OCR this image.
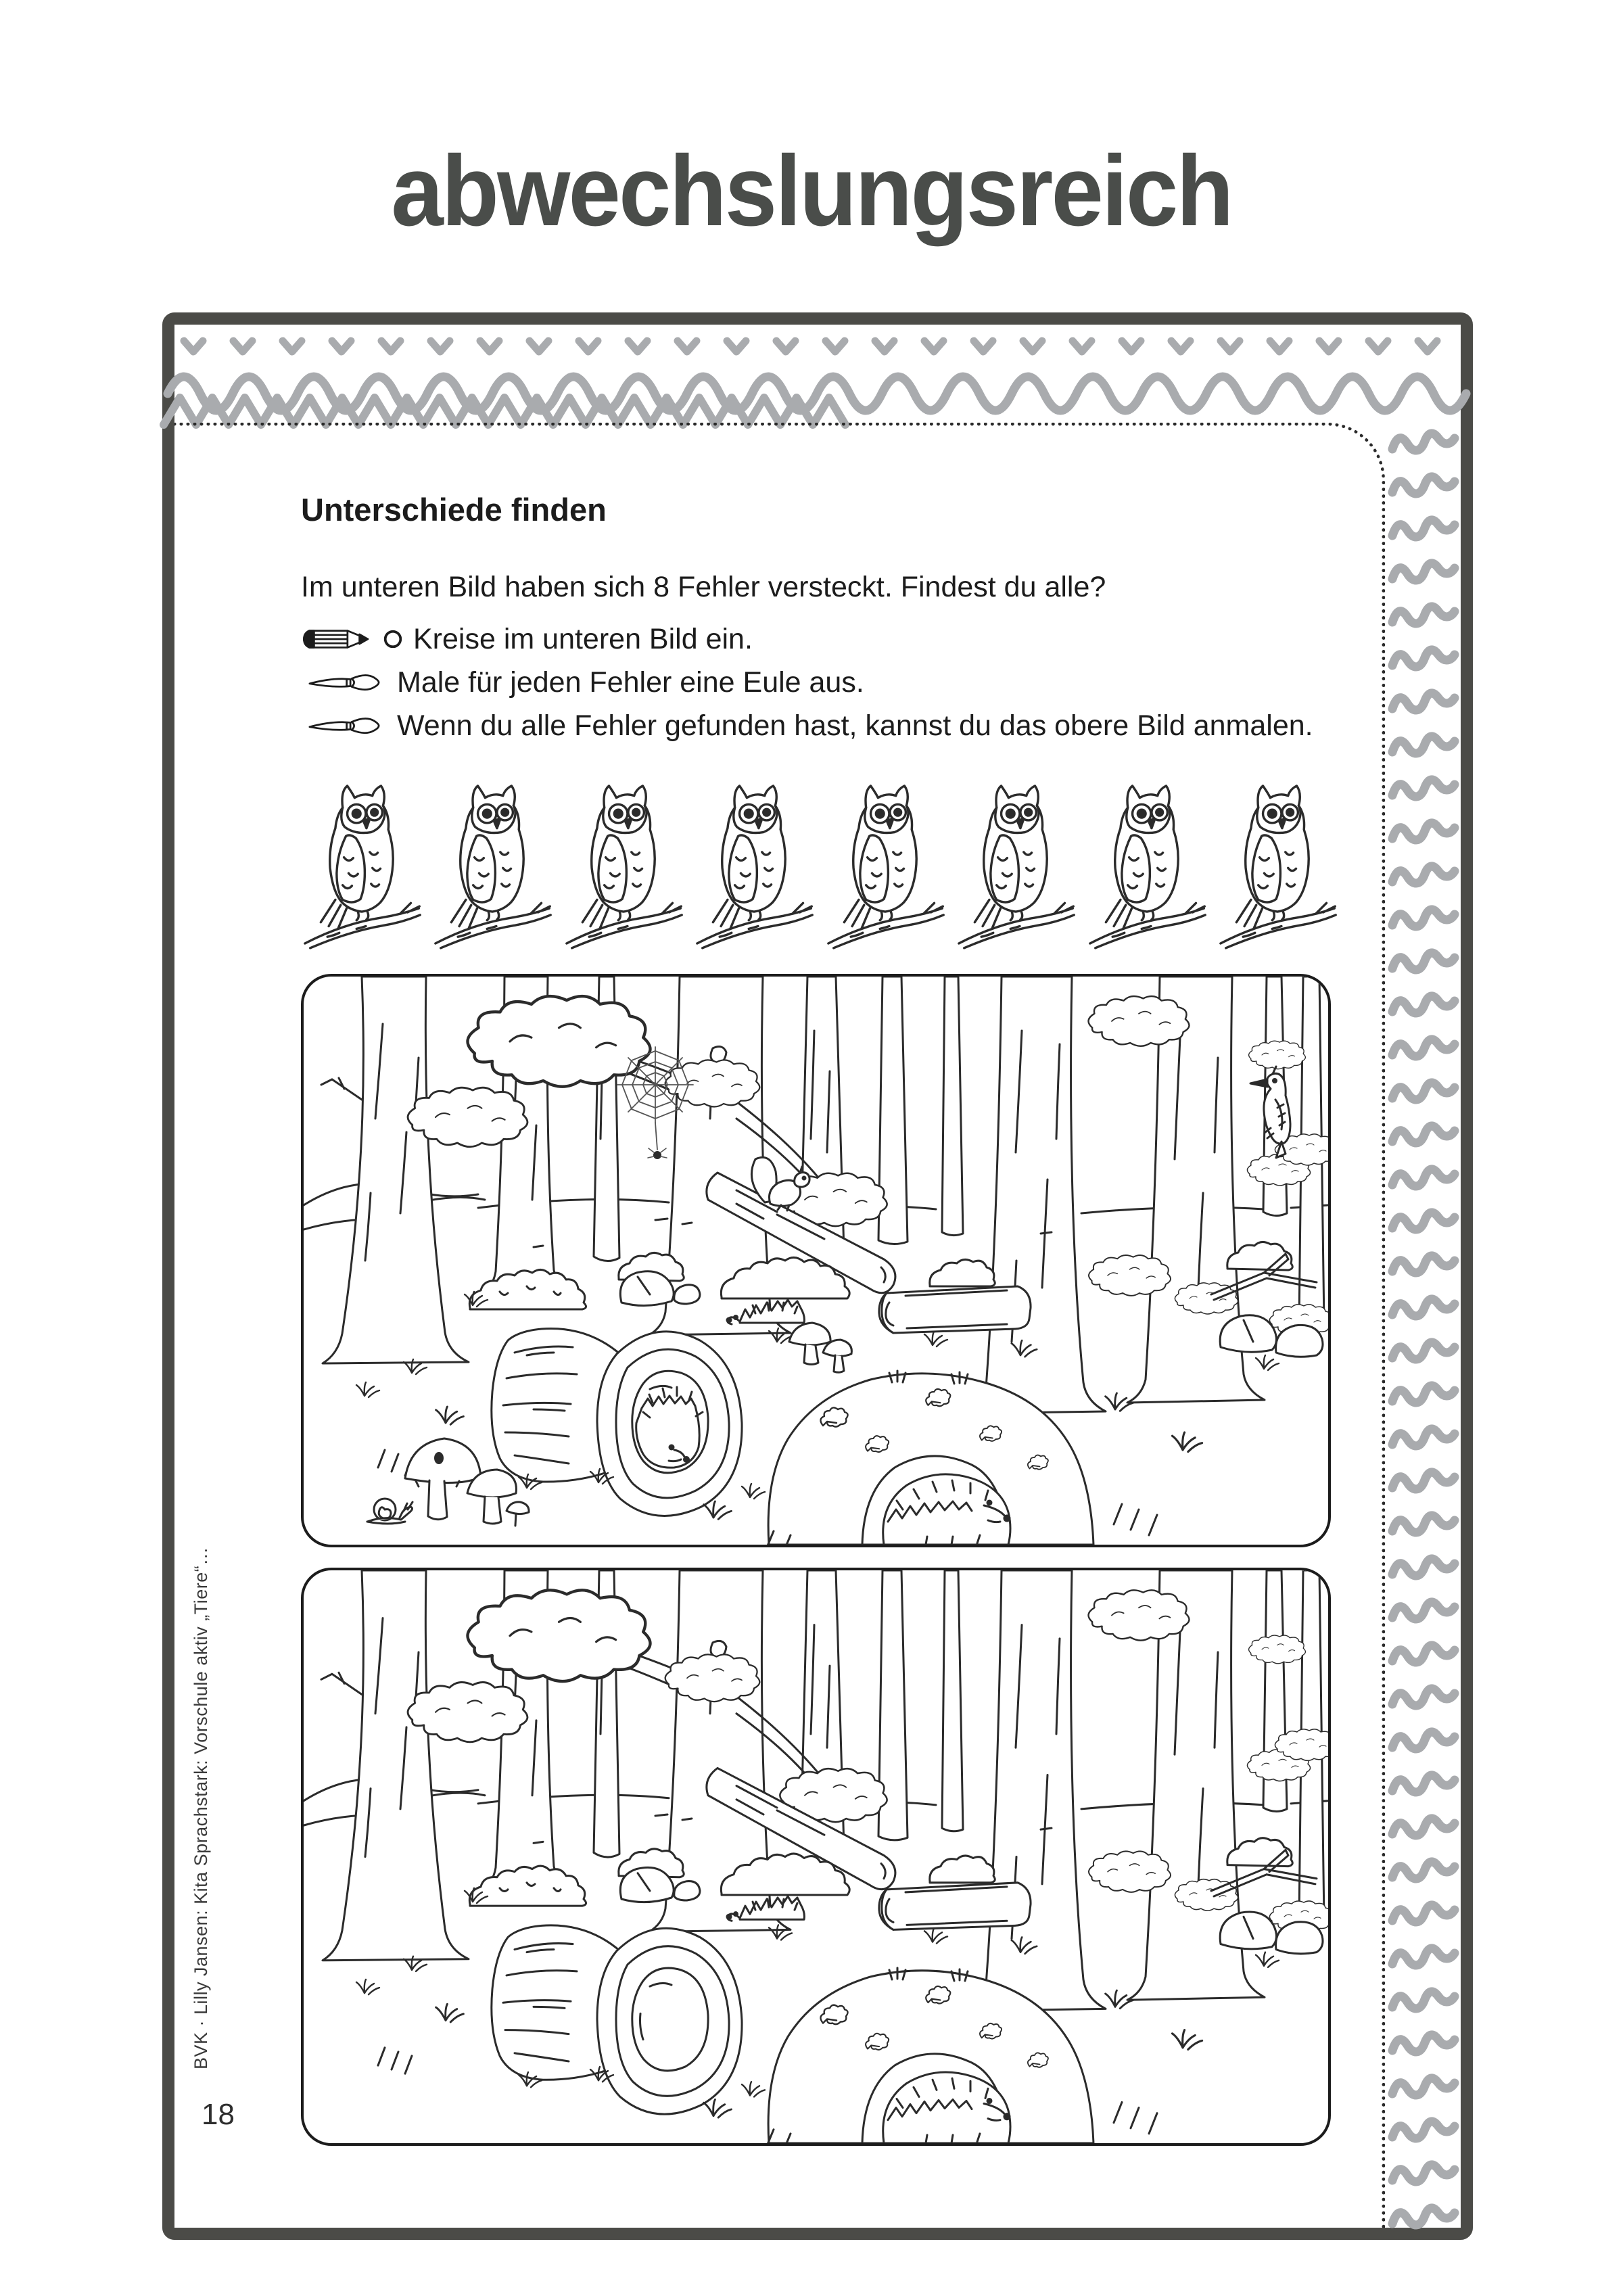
abwechslungsreich
Unterschiede finden

Im unteren Bild haben sich 8 Fehler versteckt. Findest du alle?

Kreise im unteren Bild ein.
Male für jeden Fehler eine Eule aus.
Wenn du alle Fehler gefunden hast, kannst du das obere Bild anmalen.
BVK · Lilly Jansen: Kita Sprachstark: Vorschule aktiv „Tiere“…
18
